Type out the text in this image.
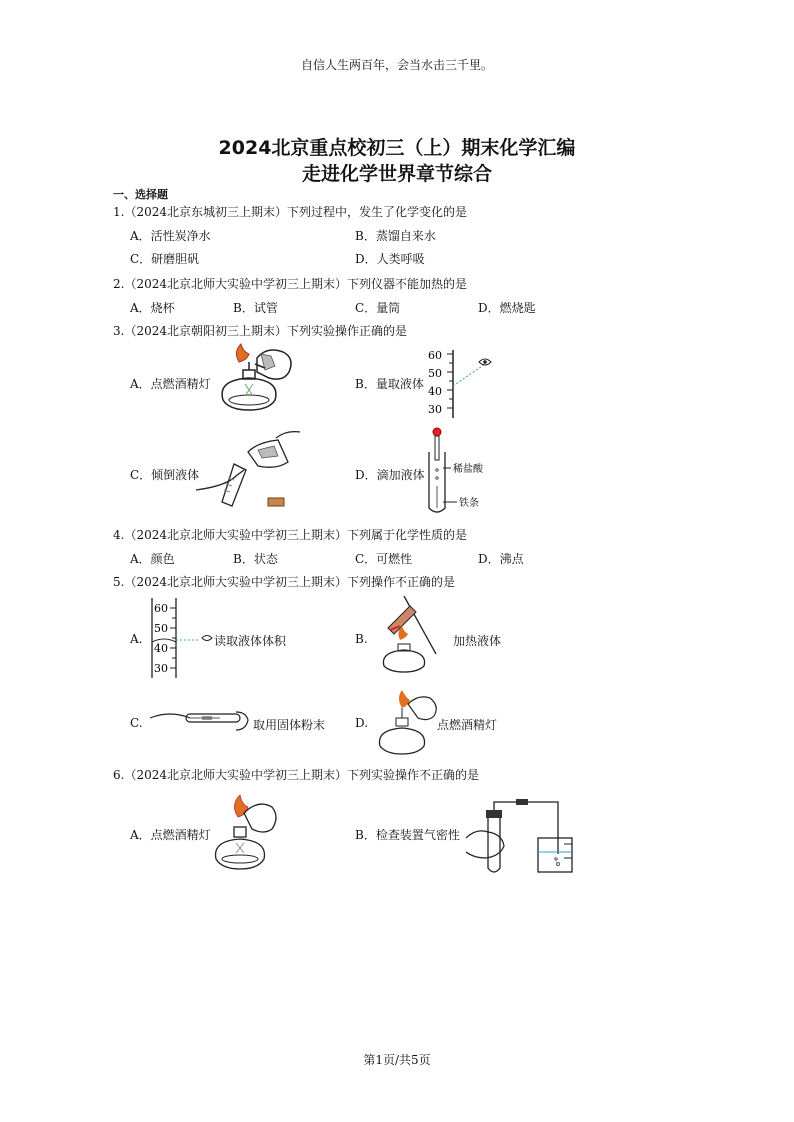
自信人生两百年，会当水击三千里。
2024北京重点校初三（上）期末化学汇编
走进化学世界章节综合
一、选择题
1.（2024北京东城初三上期末）下列过程中，发生了化学变化的是
A．活性炭净水	B．蒸馏自来水
C．研磨胆矾	D．人类呼吸
2.（2024北京北师大实验中学初三上期末）下列仪器不能加热的是
A．烧杯	B．试管	C．量筒	D．燃烧匙
3.（2024北京朝阳初三上期末）下列实验操作正确的是
A．点燃酒精灯	B．量取液体
C．倾倒液体	D．滴加液体
60
50
40
30
稀盐酸
铁条
4.（2024北京北师大实验中学初三上期末）下列属于化学性质的是
A．颜色	B．状态	C．可燃性	D．沸点
5.（2024北京北师大实验中学初三上期末）下列操作不正确的是
A.	B.
C.	D.
读取液体体积	加热液体
取用固体粉末	点燃酒精灯
60
50
40
30
6.（2024北京北师大实验中学初三上期末）下列实验操作不正确的是
A．点燃酒精灯	B．检查装置气密性
第1页/共5页
